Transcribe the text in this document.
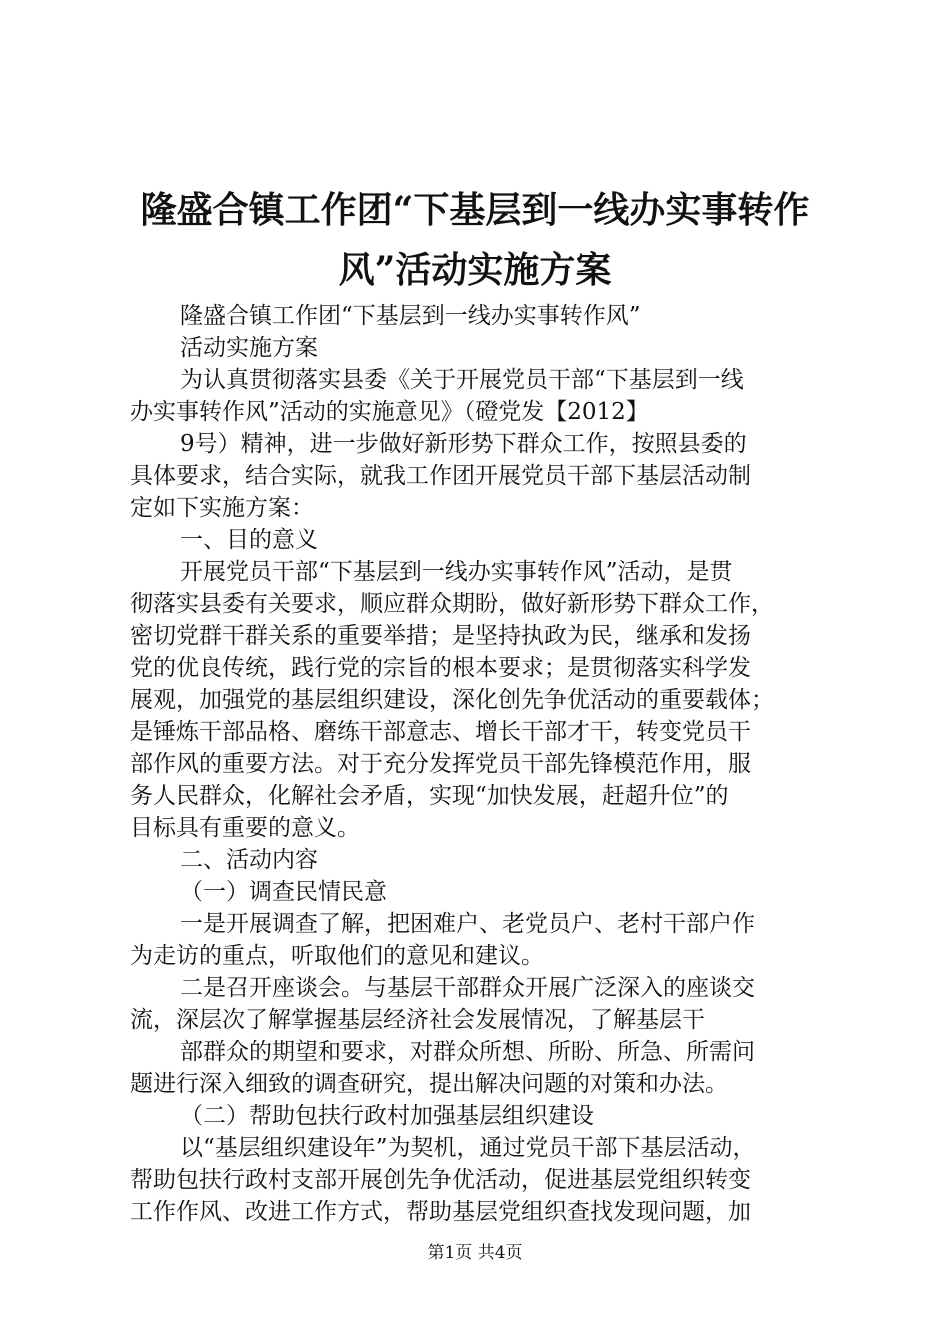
隆盛合镇工作团“下基层到一线办实事转作
风”活动实施方案

隆盛合镇工作团“下基层到一线办实事转作风”

活动实施方案

为认真贯彻落实县委《关于开展党员干部“下基层到一线

办实事转作风”活动的实施意见》（磴党发【2012】

9号）精神，进一步做好新形势下群众工作，按照县委的

具体要求，结合实际，就我工作团开展党员干部下基层活动制

定如下实施方案：

一、目的意义

开展党员干部“下基层到一线办实事转作风”活动，是贯

彻落实县委有关要求，顺应群众期盼，做好新形势下群众工作，

密切党群干群关系的重要举措；是坚持执政为民，继承和发扬

党的优良传统，践行党的宗旨的根本要求；是贯彻落实科学发

展观，加强党的基层组织建设，深化创先争优活动的重要载体；

是锤炼干部品格、磨练干部意志、增长干部才干，转变党员干

部作风的重要方法。对于充分发挥党员干部先锋模范作用，服

务人民群众，化解社会矛盾，实现“加快发展，赶超升位”的

目标具有重要的意义。

二、活动内容

（一）调查民情民意

一是开展调查了解，把困难户、老党员户、老村干部户作

为走访的重点，听取他们的意见和建议。

二是召开座谈会。与基层干部群众开展广泛深入的座谈交

流，深层次了解掌握基层经济社会发展情况，了解基层干

部群众的期望和要求，对群众所想、所盼、所急、所需问

题进行深入细致的调查研究，提出解决问题的对策和办法。

（二）帮助包扶行政村加强基层组织建设

以“基层组织建设年”为契机，通过党员干部下基层活动，

帮助包扶行政村支部开展创先争优活动，促进基层党组织转变

工作作风、改进工作方式，帮助基层党组织查找发现问题，加

第1页 共4页
